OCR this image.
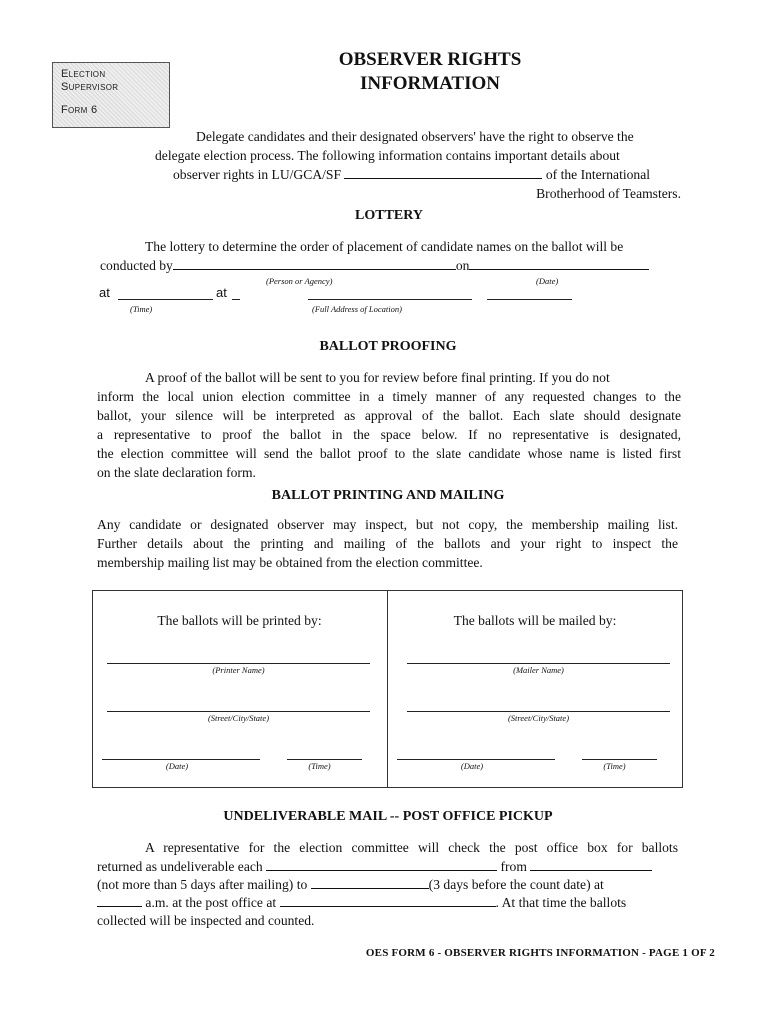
Election
Supervisor
Form 6
OBSERVER RIGHTS
INFORMATION
Delegate candidates and their designated observers' have the right to observe the
delegate election process. The following information contains important details about
observer rights in LU/GCA/SF	of the International
Brotherhood of Teamsters.
LOTTERY
The lottery to determine the order of placement of candidate names on the ballot will be
conducted by	on
(Person or Agency)	(Date)
at	at
(Time)	(Full Address of Location)
BALLOT PROOFING
A proof of the ballot will be sent to you for review before final printing. If you do not
inform the local union election committee in a timely manner of any requested changes to the
ballot, your silence will be interpreted as approval of the ballot. Each slate should designate
a representative to proof the ballot in the space below. If no representative is designated,
the election committee will send the ballot proof to the slate candidate whose name is listed first
on the slate declaration form.
BALLOT PRINTING AND MAILING
Any candidate or designated observer may inspect, but not copy, the membership mailing list.
Further details about the printing and mailing of the ballots and your right to inspect the
membership mailing list may be obtained from the election committee.
The ballots will be printed by:	The ballots will be mailed by:
(Printer Name)	(Mailer Name)
(Street/City/State)	(Street/City/State)
(Date)	(Time)	(Date)	(Time)
UNDELIVERABLE MAIL -- POST OFFICE PICKUP
A representative for the election committee will check the post office box for ballots
returned as undeliverable each	from
(not more than 5 days after mailing) to	(3 days before the count date) at
a.m. at the post office at	. At that time the ballots
collected will be inspected and counted.
OES FORM 6 - OBSERVER RIGHTS INFORMATION - PAGE 1 OF 2
